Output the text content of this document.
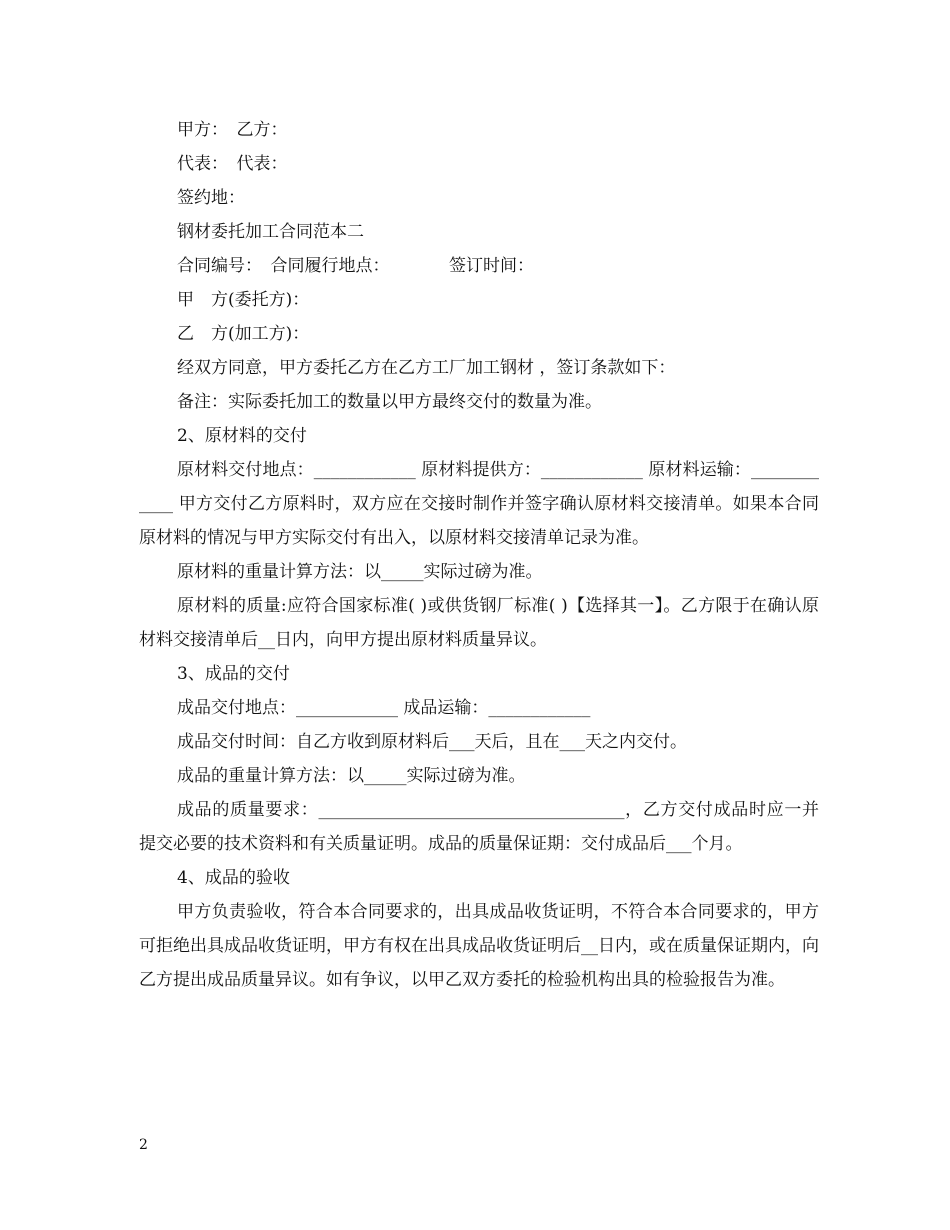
甲方：　乙方：

代表：　代表：

签约地：

钢材委托加工合同范本二

合同编号：　合同履行地点：　　　　签订时间：

甲　方(委托方)：

乙　方(加工方)：

经双方同意，甲方委托乙方在乙方工厂加工钢材 ，签订条款如下：

备注：实际委托加工的数量以甲方最终交付的数量为准。

2、原材料的交付

原材料交付地点：____________ 原材料提供方：____________ 原材料运输：____________ 甲方交付乙方原料时，双方应在交接时制作并签字确认原材料交接清单。如果本合同原材料的情况与甲方实际交付有出入，以原材料交接清单记录为准。

原材料的重量计算方法：以_____实际过磅为准。

原材料的质量:应符合国家标准( )或供货钢厂标准( )【选择其一】。乙方限于在确认原材料交接清单后__日内，向甲方提出原材料质量异议。

3、成品的交付

成品交付地点：____________ 成品运输：____________

成品交付时间：自乙方收到原材料后___天后，且在___天之内交付。

成品的重量计算方法：以_____实际过磅为准。

成品的质量要求：____________________________________，乙方交付成品时应一并提交必要的技术资料和有关质量证明。成品的质量保证期：交付成品后___个月。

4、成品的验收

甲方负责验收，符合本合同要求的，出具成品收货证明，不符合本合同要求的，甲方可拒绝出具成品收货证明，甲方有权在出具成品收货证明后__日内，或在质量保证期内，向乙方提出成品质量异议。如有争议，以甲乙双方委托的检验机构出具的检验报告为准。

2
